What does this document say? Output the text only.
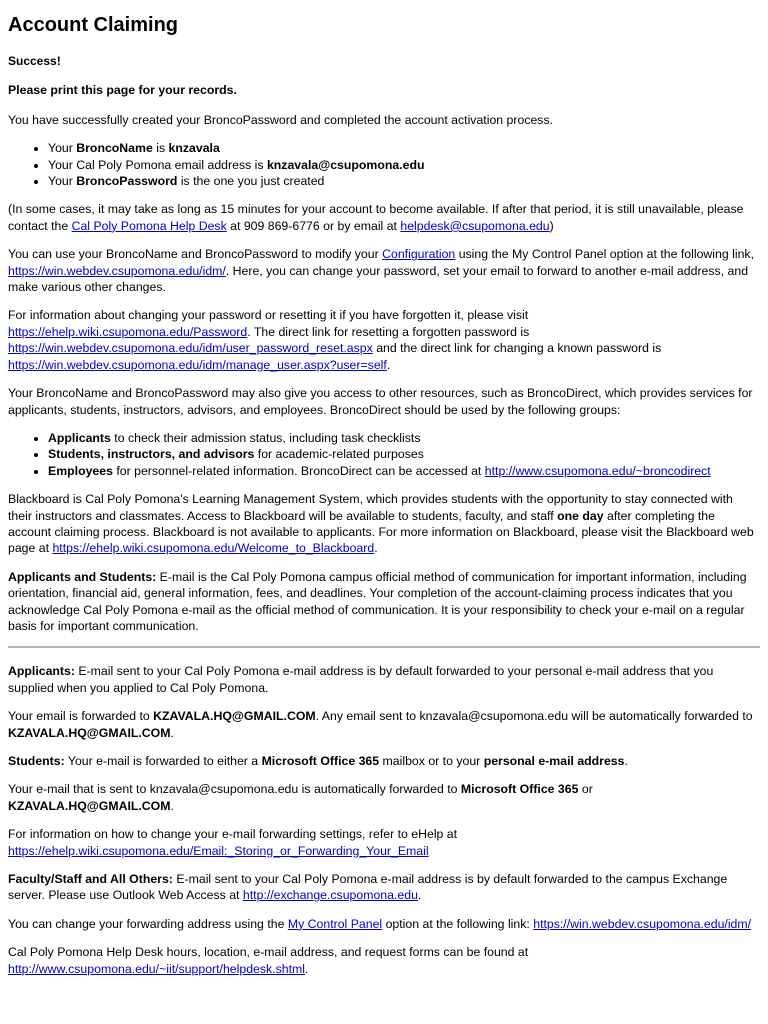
Account Claiming
Success!

Please print this page for your records.

You have successfully created your BroncoPassword and completed the account activation process.

• Your BroncoName is knzavala
• Your Cal Poly Pomona email address is knzavala@csupomona.edu
• Your BroncoPassword is the one you just created

(In some cases, it may take as long as 15 minutes for your account to become available. If after that period, it is still unavailable, please contact the Cal Poly Pomona Help Desk at 909 869-6776 or by email at helpdesk@csupomona.edu)

You can use your BroncoName and BroncoPassword to modify your Configuration using the My Control Panel option at the following link, https://win.webdev.csupomona.edu/idm/. Here, you can change your password, set your email to forward to another e-mail address, and make various other changes.

For information about changing your password or resetting it if you have forgotten it, please visit https://ehelp.wiki.csupomona.edu/Password. The direct link for resetting a forgotten password is https://win.webdev.csupomona.edu/idm/user_password_reset.aspx and the direct link for changing a known password is https://win.webdev.csupomona.edu/idm/manage_user.aspx?user=self.

Your BroncoName and BroncoPassword may also give you access to other resources, such as BroncoDirect, which provides services for applicants, students, instructors, advisors, and employees. BroncoDirect should be used by the following groups:

• Applicants to check their admission status, including task checklists
• Students, instructors, and advisors for academic-related purposes
• Employees for personnel-related information. BroncoDirect can be accessed at http://www.csupomona.edu/~broncodirect

Blackboard is Cal Poly Pomona's Learning Management System, which provides students with the opportunity to stay connected with their instructors and classmates. Access to Blackboard will be available to students, faculty, and staff one day after completing the account claiming process. Blackboard is not available to applicants. For more information on Blackboard, please visit the Blackboard web page at https://ehelp.wiki.csupomona.edu/Welcome_to_Blackboard.

Applicants and Students: E-mail is the Cal Poly Pomona campus official method of communication for important information, including orientation, financial aid, general information, fees, and deadlines. Your completion of the account-claiming process indicates that you acknowledge Cal Poly Pomona e-mail as the official method of communication. It is your responsibility to check your e-mail on a regular basis for important communication.

Applicants: E-mail sent to your Cal Poly Pomona e-mail address is by default forwarded to your personal e-mail address that you supplied when you applied to Cal Poly Pomona.

Your email is forwarded to KZAVALA.HQ@GMAIL.COM. Any email sent to knzavala@csupomona.edu will be automatically forwarded to KZAVALA.HQ@GMAIL.COM.

Students: Your e-mail is forwarded to either a Microsoft Office 365 mailbox or to your personal e-mail address.

Your e-mail that is sent to knzavala@csupomona.edu is automatically forwarded to Microsoft Office 365 or KZAVALA.HQ@GMAIL.COM.

For information on how to change your e-mail forwarding settings, refer to eHelp at https://ehelp.wiki.csupomona.edu/Email:_Storing_or_Forwarding_Your_Email

Faculty/Staff and All Others: E-mail sent to your Cal Poly Pomona e-mail address is by default forwarded to the campus Exchange server. Please use Outlook Web Access at http://exchange.csupomona.edu.

You can change your forwarding address using the My Control Panel option at the following link: https://win.webdev.csupomona.edu/idm/

Cal Poly Pomona Help Desk hours, location, e-mail address, and request forms can be found at http://www.csupomona.edu/~iit/support/helpdesk.shtml.
